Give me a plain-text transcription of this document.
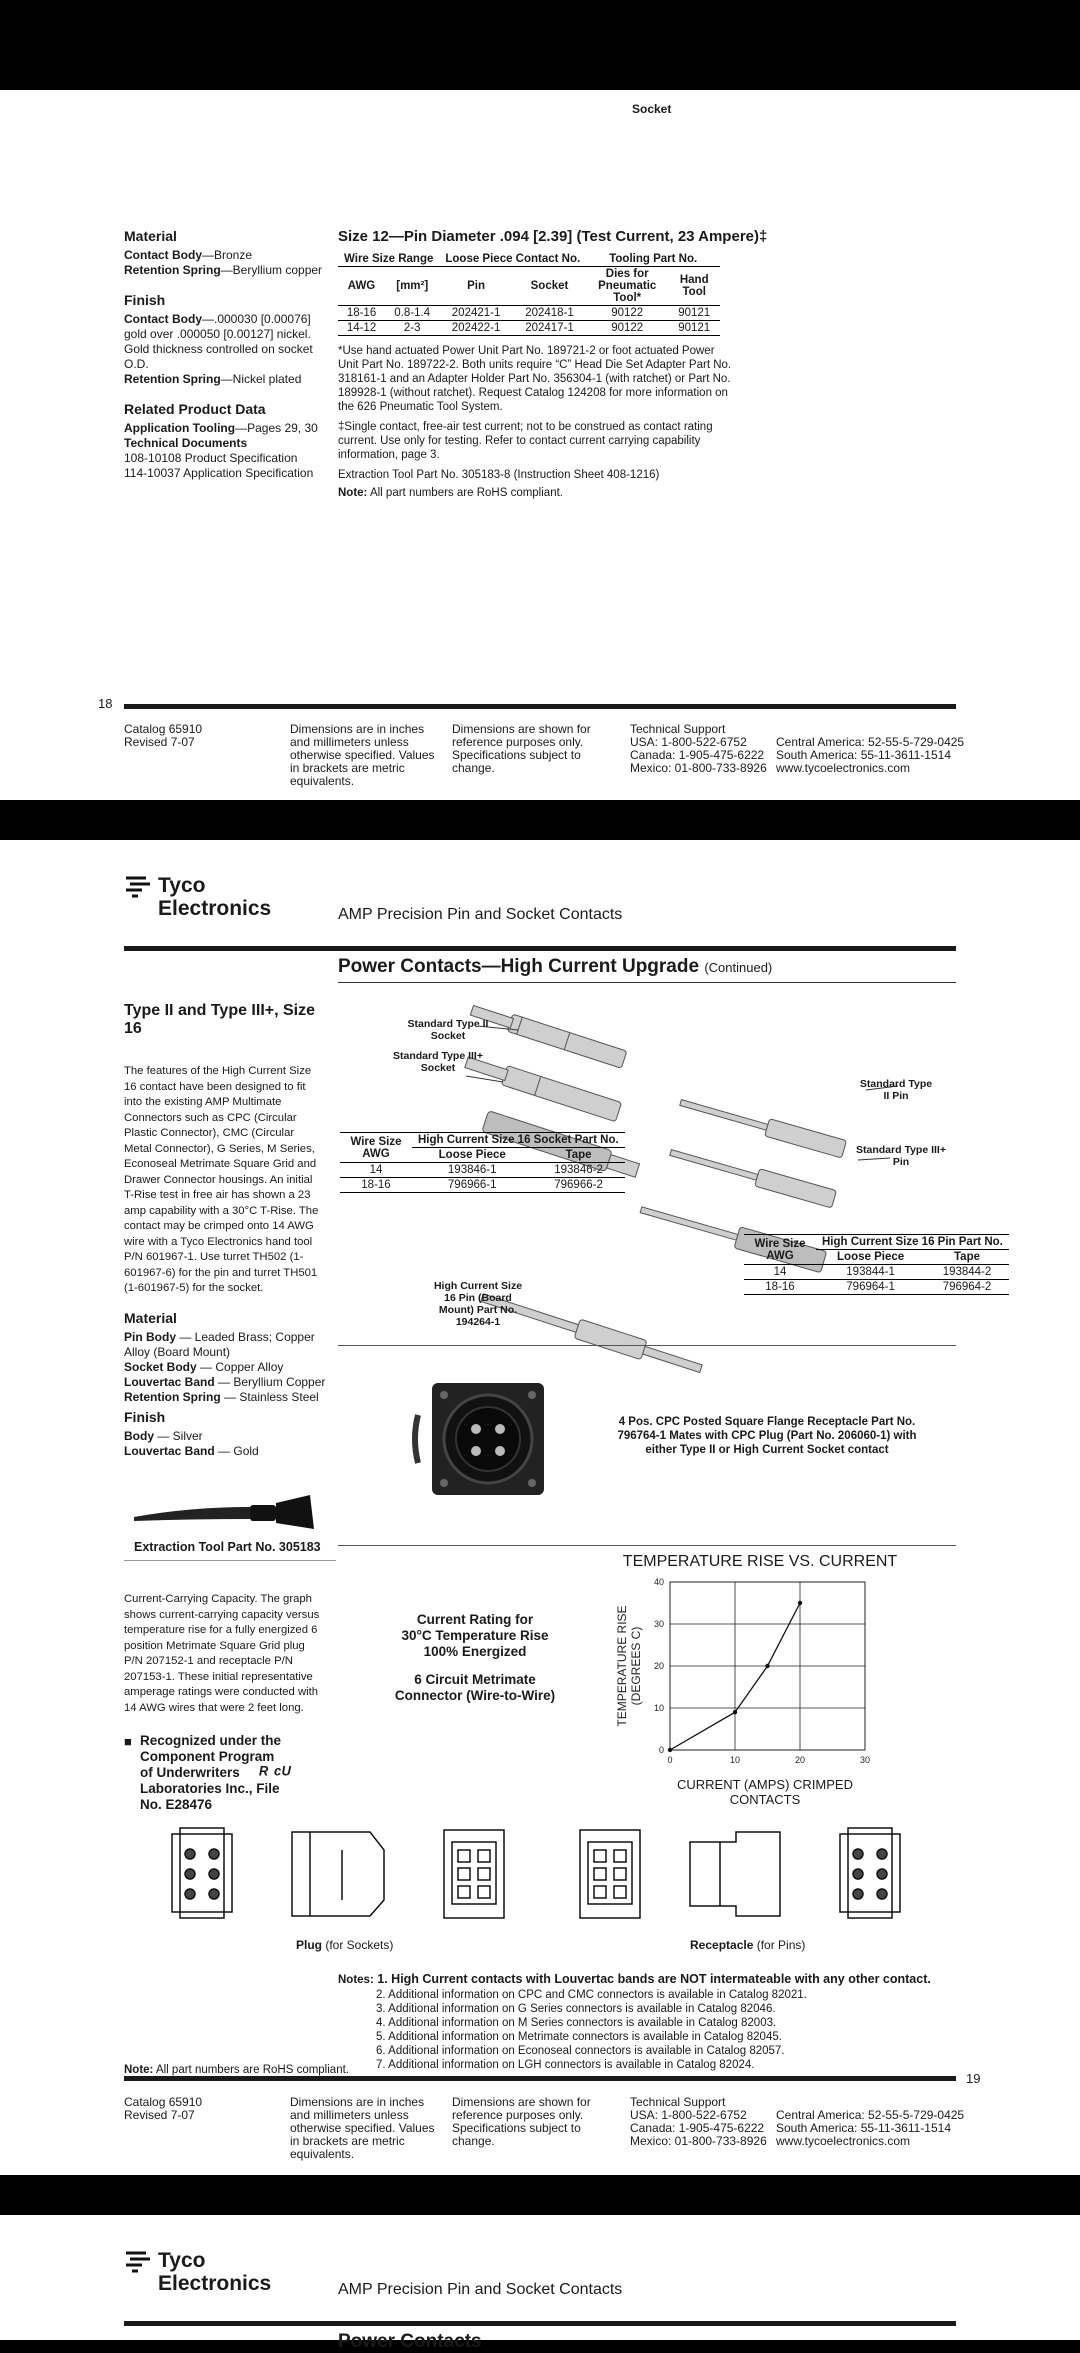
Socket
Material
Contact Body—Bronze
Retention Spring—Beryllium copper
Finish
Contact Body—.000030 [0.00076] gold over .000050 [0.00127] nickel. Gold thickness controlled on socket O.D.
Retention Spring—Nickel plated
Related Product Data
Application Tooling—Pages 29, 30
Technical Documents
108-10108 Product Specification
114-10037 Application Specification
Size 12—Pin Diameter .094 [2.39] (Test Current, 23 Ampere)‡
Wire Size Range		Loose Piece Contact No.		Tooling Part No.	
AWG	[mm²]	Pin	Socket	Dies for Pneumatic Tool*	Hand Tool
18-16	0.8-1.4	202421-1	202418-1	90122	90121
14-12	2-3	202422-1	202417-1	90122	90121
*Use hand actuated Power Unit Part No. 189721-2 or foot actuated Power Unit Part No. 189722-2. Both units require “C” Head Die Set Adapter Part No. 318161-1 and an Adapter Holder Part No. 356304-1 (with ratchet) or Part No. 189928-1 (without ratchet). Request Catalog 124208 for more information on the 626 Pneumatic Tool System.
‡Single contact, free-air test current; not to be construed as contact rating current. Use only for testing. Refer to contact current carrying capability information, page 3.
Extraction Tool Part No. 305183-8 (Instruction Sheet 408-1216)
Note: All part numbers are RoHS compliant.
18
Catalog 65910
Revised 7-07
Dimensions are in inches and millimeters unless otherwise specified. Values in brackets are metric equivalents.
Dimensions are shown for reference purposes only. Specifications subject to change.
Technical Support
USA: 1-800-522-6752
Canada: 1-905-475-6222
Mexico: 01-800-733-8926
Central America: 52-55-5-729-0425
South America: 55-11-3611-1514
www.tycoelectronics.com
Tyco
Electronics	AMP Precision Pin and Socket Contacts
Power Contacts—High Current Upgrade (Continued)
Type II and Type III+, Size 16
The features of the High Current Size 16 contact have been designed to fit into the existing AMP Multimate Connectors such as CPC (Circular Plastic Connector), CMC (Circular Metal Connector), G Series, M Series, Econoseal Metrimate Square Grid and Drawer Connector housings. An initial T-Rise test in free air has shown a 23 amp capability with a 30°C T-Rise. The contact may be crimped onto 14 AWG wire with a Tyco Electronics hand tool P/N 601967-1. Use turret TH502 (1-601967-6) for the pin and turret TH501 (1-601967-5) for the socket.
Material
Pin Body — Leaded Brass; Copper Alloy (Board Mount)
Socket Body — Copper Alloy
Louvertac Band — Beryllium Copper
Retention Spring — Stainless Steel
Finish
Body — Silver
Louvertac Band — Gold
Extraction Tool Part No. 305183
Current-Carrying Capacity. The graph shows current-carrying capacity versus temperature rise for a fully energized 6 position Metrimate Square Grid plug P/N 207152-1 and receptacle P/N 207153-1. These initial representative amperage ratings were conducted with 14 AWG wires that were 2 feet long.
■ Recognized under the Component Program of Underwriters Laboratories Inc., File No. E28476
ᴿ ᶜᵁ
Standard Type II Socket
Standard Type III+ Socket
Standard Type II Pin
Standard Type III+ Pin
High Current Size 16 Pin (Board Mount) Part No. 194264-1
Wire Size AWG	High Current Size 16 Socket Part No.	
	Loose Piece	Tape
14	193846-1	193846-2
18-16	796966-1	796966-2
Wire Size AWG	High Current Size 16 Pin Part No.	
	Loose Piece	Tape
14	193844-1	193844-2
18-16	796964-1	796964-2
4 Pos. CPC Posted Square Flange Receptacle Part No. 796764-1 Mates with CPC Plug (Part No. 206060-1) with either Type II or High Current Socket contact
Current Rating for
30°C Temperature Rise
100% Energized
6 Circuit Metrimate
Connector (Wire-to-Wire)
TEMPERATURE RISE VS. CURRENT
0	10	20	30
0
10
20
30
40
TEMPERATURE RISE(DEGREES C)
CURRENT (AMPS) CRIMPED CONTACTS
Plug (for Sockets)	Receptacle (for Pins)
Notes: 1. High Current contacts with Louvertac bands are NOT intermateable with any other contact.
2. Additional information on CPC and CMC connectors is available in Catalog 82021.
3. Additional information on G Series connectors is available in Catalog 82046.
4. Additional information on M Series connectors is available in Catalog 82003.
5. Additional information on Metrimate connectors is available in Catalog 82045.
6. Additional information on Econoseal connectors is available in Catalog 82057.
7. Additional information on LGH connectors is available in Catalog 82024.
Note: All part numbers are RoHS compliant.
19
Catalog 65910
Revised 7-07
Dimensions are in inches and millimeters unless otherwise specified. Values in brackets are metric equivalents.
Dimensions are shown for reference purposes only. Specifications subject to change.
Technical Support
USA: 1-800-522-6752
Canada: 1-905-475-6222
Mexico: 01-800-733-8926
Central America: 52-55-5-729-0425
South America: 55-11-3611-1514
www.tycoelectronics.com
Tyco
Electronics	AMP Precision Pin and Socket Contacts
Power Contacts
